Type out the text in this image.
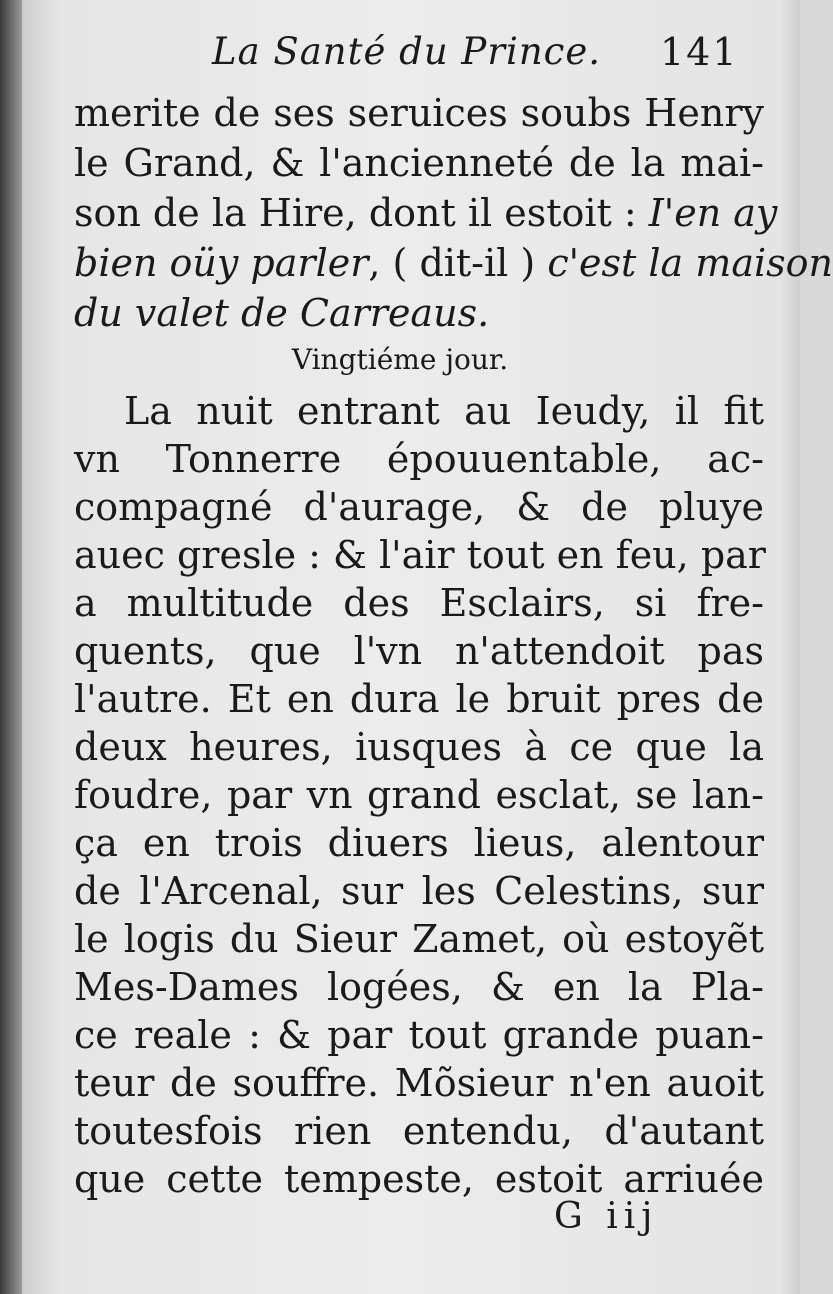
La Santé du Prince. 141
merite de ses seruices soubs Henry
le Grand, & l'ancienneté de la mai-
son de la Hire, dont il estoit : I'en ay
bien oüy parler, ( dit-il ) c'est la maison
du valet de Carreaus.
Vingtiéme jour.
La nuit entrant au Ieudy, il fit
vn Tonnerre épouuentable, ac-
compagné d'aurage, & de pluye
auec gresle : & l'air tout en feu, par
a multitude des Esclairs, si fre-
quents, que l'vn n'attendoit pas
l'autre. Et en dura le bruit pres de
deux heures, iusques à ce que la
foudre, par vn grand esclat, se lan-
ça en trois diuers lieus, alentour
de l'Arcenal, sur les Celestins, sur
le logis du Sieur Zamet, où estoyẽt
Mes-Dames logées, & en la Pla-
ce reale : & par tout grande puan-
teur de souffre. Mõsieur n'en auoit
toutesfois rien entendu, d'autant
que cette tempeste, estoit arriuée
G iij
